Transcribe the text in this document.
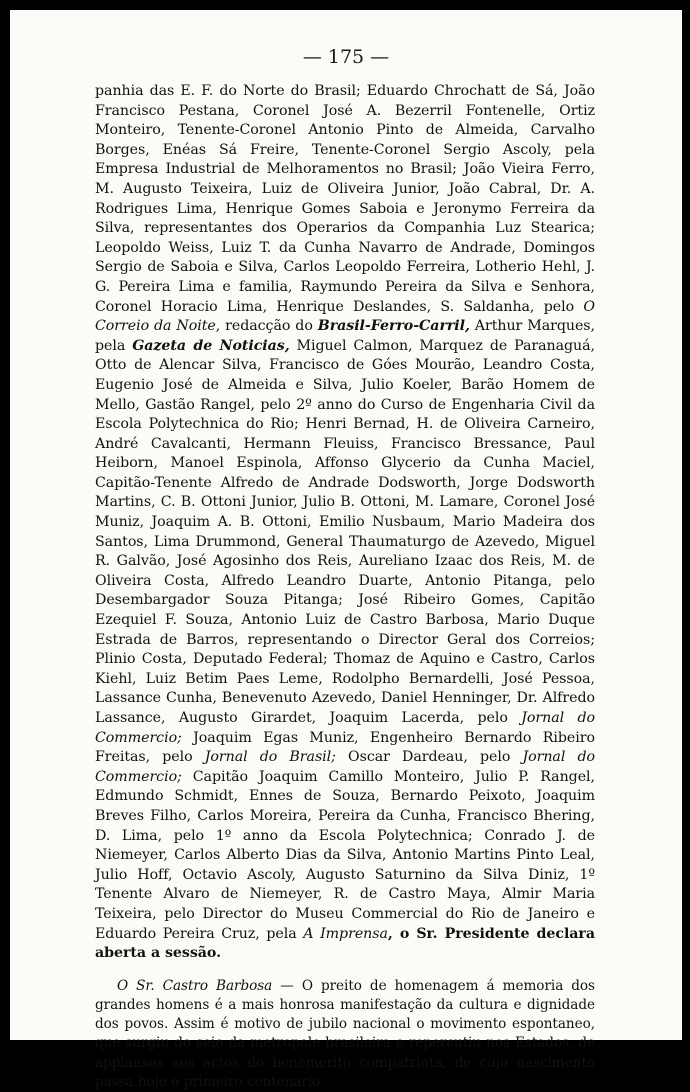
— 175 —

panhia das E. F. do Norte do Brasil; Eduardo Chrochatt de Sá, João Francisco Pestana, Coronel José A. Bezerril Fontenelle, Ortiz Monteiro, Tenente-Coronel Antonio Pinto de Almeida, Carvalho Borges, Enéas Sá Freire, Tenente-Coronel Sergio Ascoly, pela Empresa Industrial de Melhoramentos no Brasil; João Vieira Ferro, M. Augusto Teixeira, Luiz de Oliveira Junior, João Cabral, Dr. A. Rodrigues Lima, Henrique Gomes Saboia e Jeronymo Ferreira da Silva, representantes dos Operarios da Companhia Luz Stearica; Leopoldo Weiss, Luiz T. da Cunha Navarro de Andrade, Domingos Sergio de Saboia e Silva, Carlos Leopoldo Ferreira, Lotherio Hehl, J. G. Pereira Lima e familia, Raymundo Pereira da Silva e Senhora, Coronel Horacio Lima, Henrique Deslandes, S. Saldanha, pelo O Correio da Noite, redacção do Brasil-Ferro-Carril, Arthur Marques, pela Gazeta de Noticias, Miguel Calmon, Marquez de Paranaguá, Otto de Alencar Silva, Francisco de Góes Mourão, Leandro Costa, Eugenio José de Almeida e Silva, Julio Koeler, Barão Homem de Mello, Gastão Rangel, pelo 2º anno do Curso de Engenharia Civil da Escola Polytechnica do Rio; Henri Bernad, H. de Oliveira Carneiro, André Cavalcanti, Hermann Fleuiss, Francisco Bressance, Paul Heiborn, Manoel Espinola, Affonso Glycerio da Cunha Maciel, Capitão-Tenente Alfredo de Andrade Dodsworth, Jorge Dodsworth Martins, C. B. Ottoni Junior, Julio B. Ottoni, M. Lamare, Coronel José Muniz, Joaquim A. B. Ottoni, Emilio Nusbaum, Mario Madeira dos Santos, Lima Drummond, General Thaumaturgo de Azevedo, Miguel R. Galvão, José Agosinho dos Reis, Aureliano Izaac dos Reis, M. de Oliveira Costa, Alfredo Leandro Duarte, Antonio Pitanga, pelo Desembargador Souza Pitanga; José Ribeiro Gomes, Capitão Ezequiel F. Souza, Antonio Luiz de Castro Barbosa, Mario Duque Estrada de Barros, representando o Director Geral dos Correios; Plinio Costa, Deputado Federal; Thomaz de Aquino e Castro, Carlos Kiehl, Luiz Betim Paes Leme, Rodolpho Bernardelli, José Pessoa, Lassance Cunha, Benevenuto Azevedo, Daniel Henninger, Dr. Alfredo Lassance, Augusto Girardet, Joaquim Lacerda, pelo Jornal do Commercio; Joaquim Egas Muniz, Engenheiro Bernardo Ribeiro Freitas, pelo Jornal do Brasil; Oscar Dardeau, pelo Jornal do Commercio; Capitão Joaquim Camillo Monteiro, Julio P. Rangel, Edmundo Schmidt, Ennes de Souza, Bernardo Peixoto, Joaquim Breves Filho, Carlos Moreira, Pereira da Cunha, Francisco Bhering, D. Lima, pelo 1º anno da Escola Polytechnica; Conrado J. de Niemeyer, Carlos Alberto Dias da Silva, Antonio Martins Pinto Leal, Julio Hoff, Octavio Ascoly, Augusto Saturnino da Silva Diniz, 1º Tenente Alvaro de Niemeyer, R. de Castro Maya, Almir Maria Teixeira, pelo Director do Museu Commercial do Rio de Janeiro e Eduardo Pereira Cruz, pela A Imprensa, o Sr. Presidente declara aberta a sessão.

O Sr. Castro Barbosa — O preito de homenagem á memoria dos grandes homens é a mais honrosa manifestação da cultura e dignidade dos povos. Assim é motivo de jubilo nacional o movimento espontaneo, que surgiu do seio da metropole brasileira e repercutiu nos Estados, de applausos aos actos do benemerito compatriota, de cujo nascimento passa hoje o primeiro centenario.
